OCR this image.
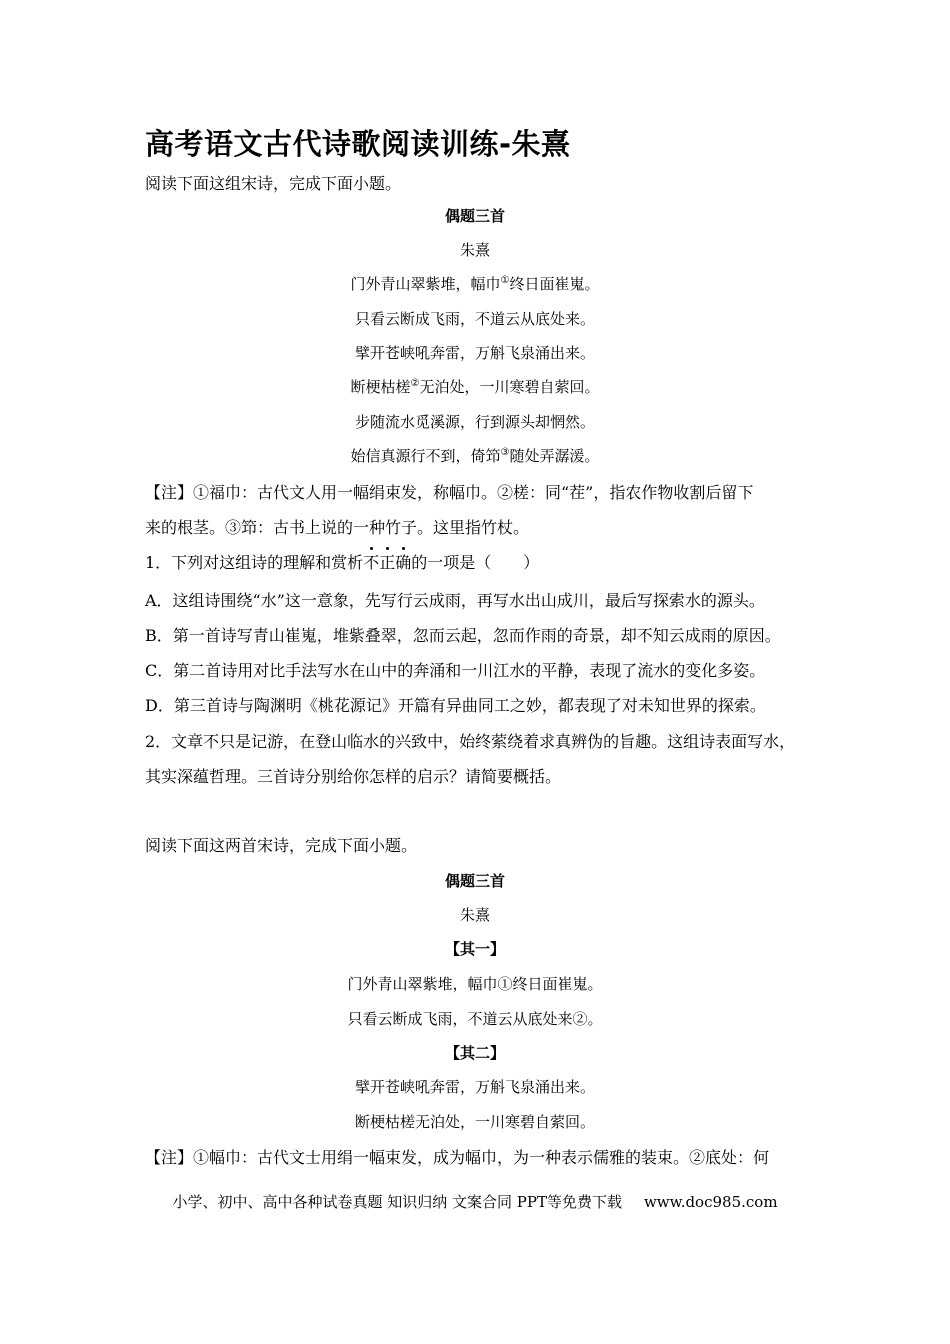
高考语文古代诗歌阅读训练-朱熹
阅读下面这组宋诗，完成下面小题。
偶题三首
朱熹
门外青山翠紫堆，幅巾①终日面崔嵬。
只看云断成飞雨，不道云从底处来。
擘开苍峡吼奔雷，万斛飞泉涌出来。
断梗枯槎②无泊处，一川寒碧自萦回。
步随流水觅溪源，行到源头却惘然。
始信真源行不到，倚笻③随处弄潺湲。
【注】①福巾：古代文人用一幅绢束发，称幅巾。②槎：同“茬”，指农作物收割后留下
来的根茎。③笻：古书上说的一种竹子。这里指竹杖。
1．下列对这组诗的理解和赏析不正确的一项是（　　）
A．这组诗围绕“水”这一意象，先写行云成雨，再写水出山成川，最后写探索水的源头。
B．第一首诗写青山崔嵬，堆紫叠翠，忽而云起，忽而作雨的奇景，却不知云成雨的原因。
C．第二首诗用对比手法写水在山中的奔涌和一川江水的平静，表现了流水的变化多姿。
D．第三首诗与陶渊明《桃花源记》开篇有异曲同工之妙，都表现了对未知世界的探索。
2．文章不只是记游，在登山临水的兴致中，始终萦绕着求真辨伪的旨趣。这组诗表面写水，
其实深蕴哲理。三首诗分别给你怎样的启示？请简要概括。
阅读下面这两首宋诗，完成下面小题。
偶题三首
朱熹
【其一】
门外青山翠紫堆，幅巾①终日面崔嵬。
只看云断成飞雨，不道云从底处来②。
【其二】
擘开苍峡吼奔雷，万斛飞泉涌出来。
断梗枯槎无泊处，一川寒碧自萦回。
【注】①幅巾：古代文士用绢一幅束发，成为幅巾，为一种表示儒雅的装束。②底处：何
小学、初中、高中各种试卷真题 知识归纳 文案合同 PPT等免费下载 www.doc985.com
